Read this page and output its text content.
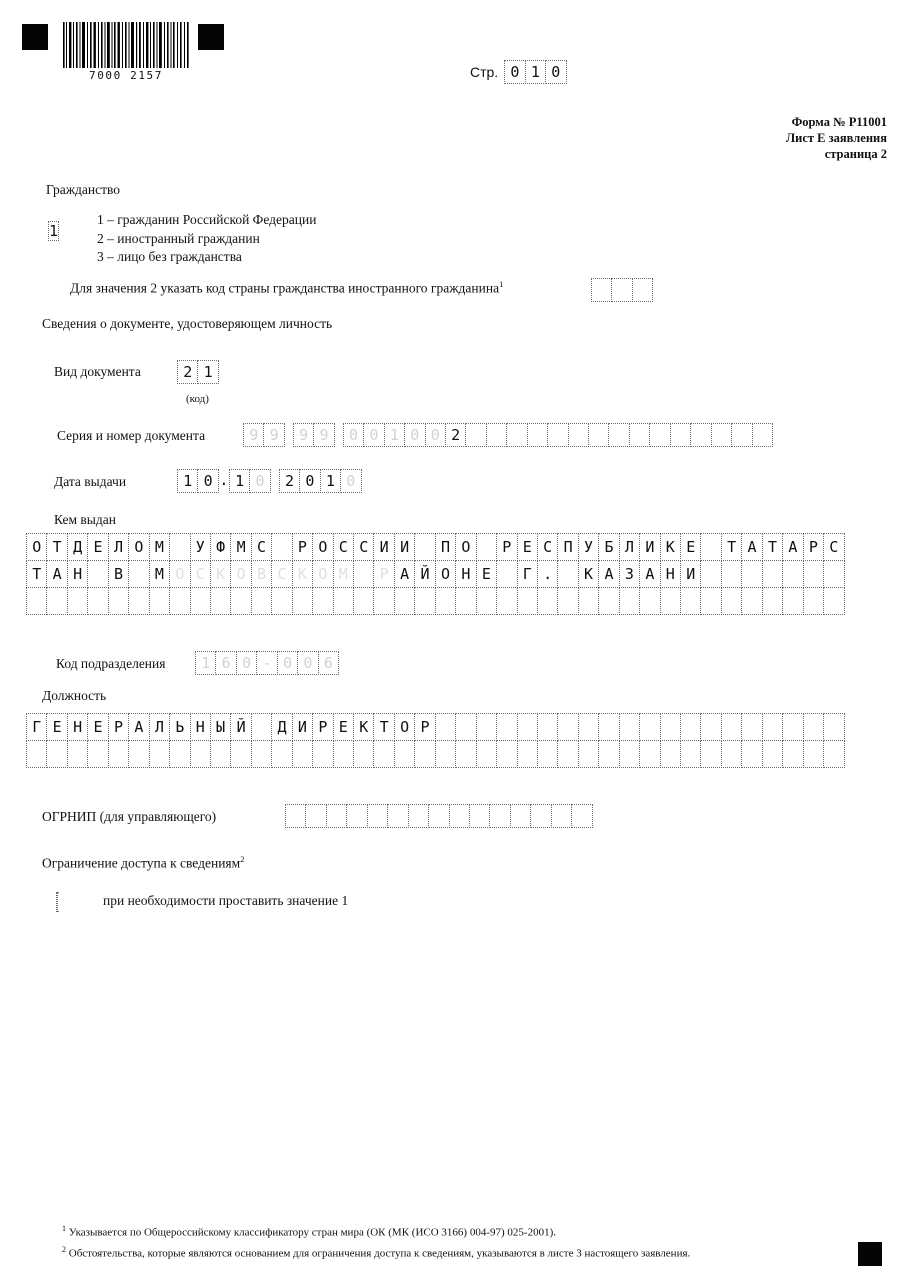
7000 2157	Стр. 0 1 0
Форма № Р11001
Лист Е заявления
страница 2
Гражданство
1
1 – гражданин Российской Федерации
2 – иностранный гражданин
3 – лицо без гражданства
Для значения 2 указать код страны гражданства иностранного гражданина$^1$
Сведения о документе, удостоверяющем личность
Вид документа	2 1
(код)
Серия и номер документа	9 9	9 9	0 0 1 0 0 2
Дата выдачи	1 0 . 1 0	2 0 1 0
Кем выдан
О Т Д Е Л О М	У Ф М С	Р О С С И И	П О	Р Е С П У Б Л И К Е	Т А Т А Р С
Т А Н	В	М О С К О В С К О М	Р А Й О Н Е	Г .	К А З А Н И
Код подразделения	1 6 0 - 0 0 6
Должность
Г Е Н Е Р А Л Ь Н Ы Й	Д И Р Е К Т О Р
ОГРНИП (для управляющего)
Ограничение доступа к сведениям$^2$
при необходимости проставить значение 1
$^1$ Указывается по Общероссийскому классификатору стран мира (ОК (МК (ИСО 3166) 004-97) 025-2001).
$^2$ Обстоятельства, которые являются основанием для ограничения доступа к сведениям, указываются в листе 3 настоящего заявления.
